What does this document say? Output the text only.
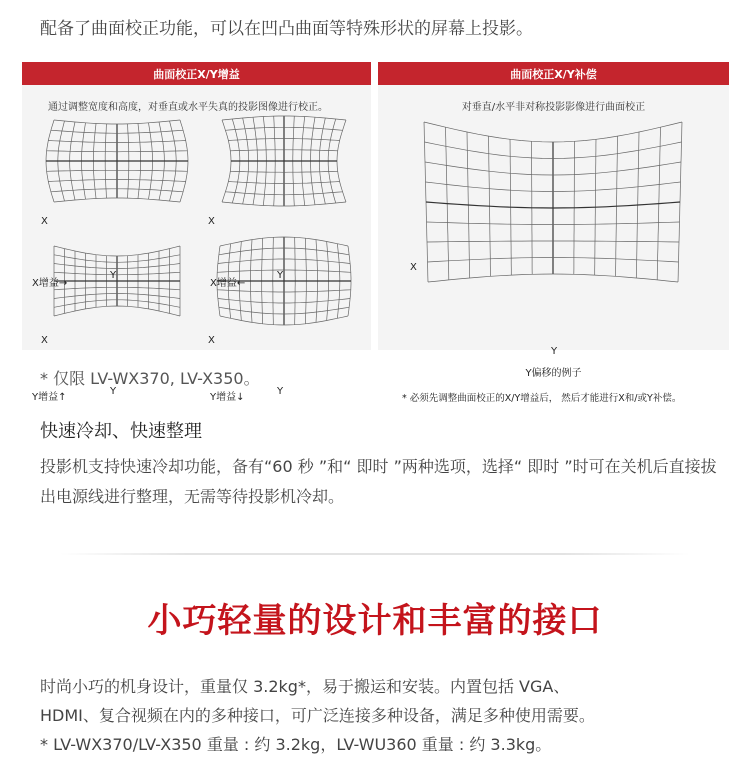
配备了曲面校正功能，可以在凹凸曲面等特殊形状的屏幕上投影。
曲面校正X/Y增益
通过调整宽度和高度，对垂直或水平失真的投影图像进行校正。
X
Y
X
Y
X
Y
X
Y
X增益→	X增益←
Y增益↑	Y增益↓
曲面校正X/Y补偿
对垂直/水平非对称投影影像进行曲面校正
X
Y
Y偏移的例子
* 必须先调整曲面校正的X/Y增益后， 然后才能进行X和/或Y补偿。
* 仅限 LV-WX370, LV-X350。
快速冷却、快速整理
投影机支持快速冷却功能，备有“60 秒 ”和“ 即时 ”两种选项，选择“ 即时 ”时可在关机后直接拔出电源线进行整理，无需等待投影机冷却。
小巧轻量的设计和丰富的接口
时尚小巧的机身设计，重量仅 3.2kg*，易于搬运和安装。内置包括 VGA、
HDMI、复合视频在内的多种接口，可广泛连接多种设备，满足多种使用需要。
* LV-WX370/LV-X350 重量 : 约 3.2kg，LV-WU360 重量 : 约 3.3kg。
